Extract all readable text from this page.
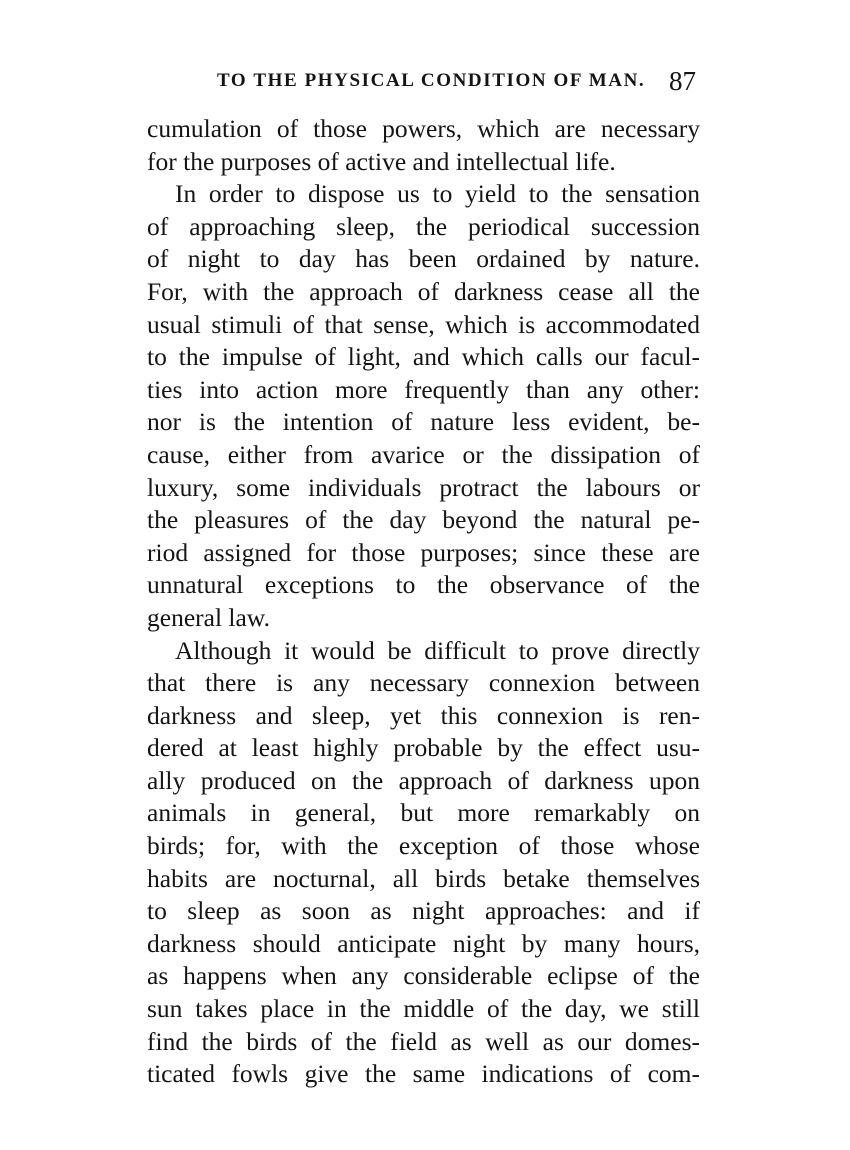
TO THE PHYSICAL CONDITION OF MAN. 87
cumulation of those powers, which are necessary
for the purposes of active and intellectual life.
In order to dispose us to yield to the sensation
of approaching sleep, the periodical succession
of night to day has been ordained by nature.
For, with the approach of darkness cease all the
usual stimuli of that sense, which is accommodated
to the impulse of light, and which calls our facul-
ties into action more frequently than any other:
nor is the intention of nature less evident, be-
cause, either from avarice or the dissipation of
luxury, some individuals protract the labours or
the pleasures of the day beyond the natural pe-
riod assigned for those purposes; since these are
unnatural exceptions to the observance of the
general law.
Although it would be difficult to prove directly
that there is any necessary connexion between
darkness and sleep, yet this connexion is ren-
dered at least highly probable by the effect usu-
ally produced on the approach of darkness upon
animals in general, but more remarkably on
birds; for, with the exception of those whose
habits are nocturnal, all birds betake themselves
to sleep as soon as night approaches: and if
darkness should anticipate night by many hours,
as happens when any considerable eclipse of the
sun takes place in the middle of the day, we still
find the birds of the field as well as our domes-
ticated fowls give the same indications of com-
